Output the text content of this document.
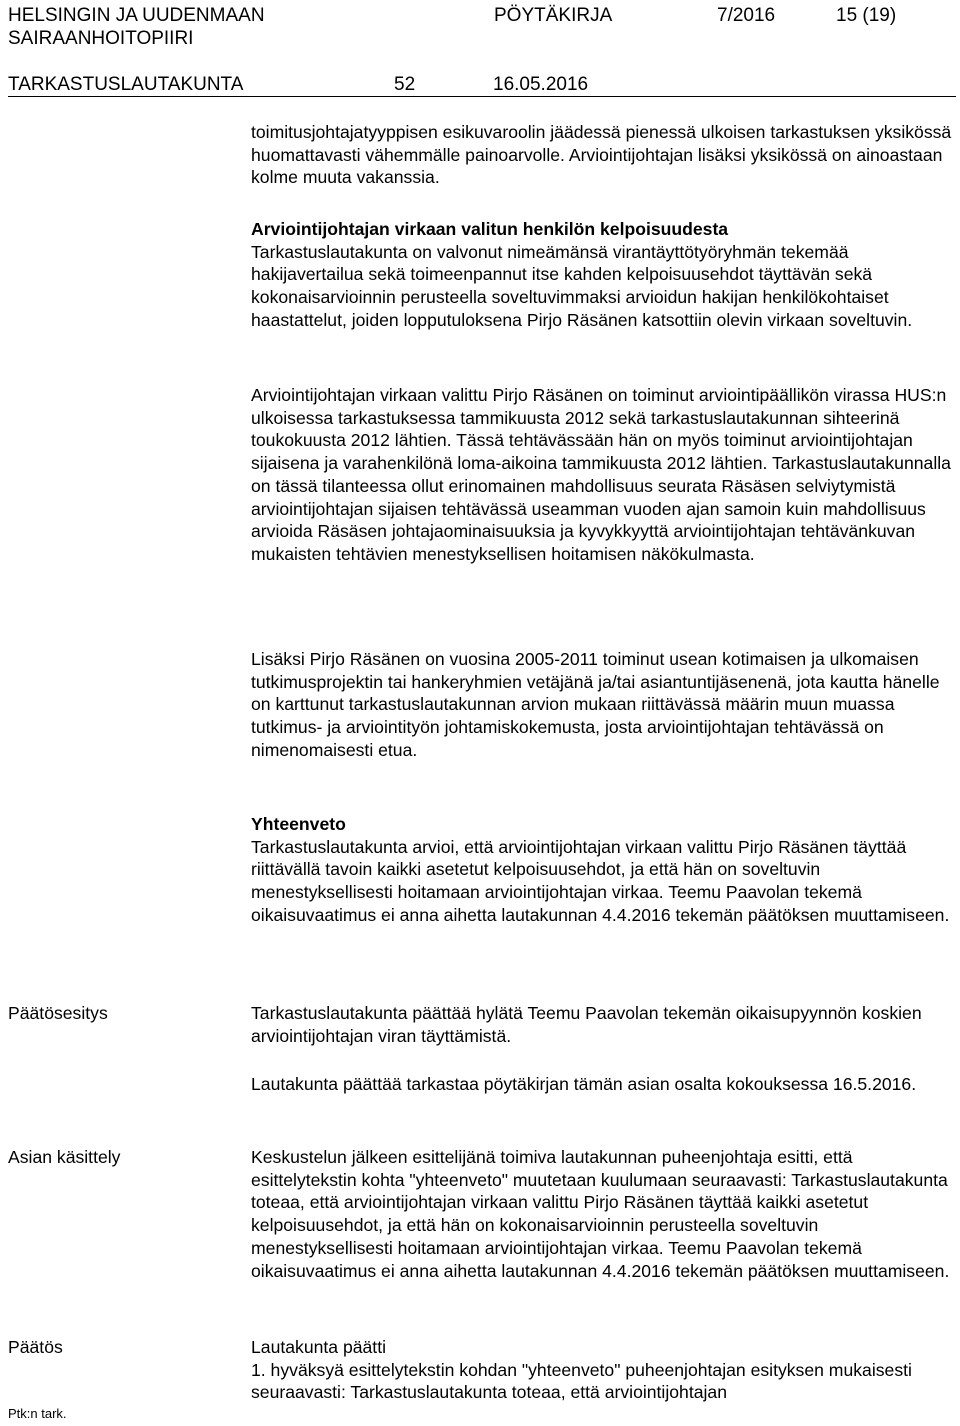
HELSINGIN JA UUDENMAAN
SAIRAANHOITOPIIRI
PÖYTÄKIRJA	7/2016	15 (19)
TARKASTUSLAUTAKUNTA	52	16.05.2016

toimitusjohtajatyyppisen esikuvaroolin jäädessä pienessä ulkoisen tarkastuksen yksikössä huomattavasti vähemmälle painoarvolle. Arviointijohtajan lisäksi yksikössä on ainoastaan kolme muuta vakanssia.

Arviointijohtajan virkaan valitun henkilön kelpoisuudesta

Tarkastuslautakunta on valvonut nimeämänsä virantäyttötyöryhmän tekemää hakijavertailua sekä toimeenpannut itse kahden kelpoisuusehdot täyttävän sekä kokonaisarvioinnin perusteella soveltuvimmaksi arvioidun hakijan henkilökohtaiset haastattelut, joiden lopputuloksena Pirjo Räsänen katsottiin olevin virkaan soveltuvin.

Arviointijohtajan virkaan valittu Pirjo Räsänen on toiminut arviointipäällikön virassa HUS:n ulkoisessa tarkastuksessa tammikuusta 2012 sekä tarkastuslautakunnan sihteerinä toukokuusta 2012 lähtien. Tässä tehtävässään hän on myös toiminut arviointijohtajan sijaisena ja varahenkilönä loma-aikoina tammikuusta 2012 lähtien. Tarkastuslautakunnalla on tässä tilanteessa ollut erinomainen mahdollisuus seurata Räsäsen selviytymistä arviointijohtajan sijaisen tehtävässä useamman vuoden ajan samoin kuin mahdollisuus arvioida Räsäsen johtajaominaisuuksia ja kyvykkyyttä arviointijohtajan tehtävänkuvan mukaisten tehtävien menestyksellisen hoitamisen näkökulmasta.

Lisäksi Pirjo Räsänen on vuosina 2005-2011 toiminut usean kotimaisen ja ulkomaisen tutkimusprojektin tai hankeryhmien vetäjänä ja/tai asiantuntijäsenenä, jota kautta hänelle on karttunut tarkastuslautakunnan arvion mukaan riittävässä määrin muun muassa tutkimus- ja arviointityön johtamiskokemusta, josta arviointijohtajan tehtävässä on nimenomaisesti etua.

Yhteenveto

Tarkastuslautakunta arvioi, että arviointijohtajan virkaan valittu Pirjo Räsänen täyttää riittävällä tavoin kaikki asetetut kelpoisuusehdot, ja että hän on soveltuvin menestyksellisesti hoitamaan arviointijohtajan virkaa. Teemu Paavolan tekemä oikaisuvaatimus ei anna aihetta lautakunnan 4.4.2016 tekemän päätöksen muuttamiseen.

Päätösesitys	Tarkastuslautakunta päättää hylätä Teemu Paavolan tekemän oikaisupyynnön koskien arviointijohtajan viran täyttämistä.

Lautakunta päättää tarkastaa pöytäkirjan tämän asian osalta kokouksessa 16.5.2016.

Asian käsittely	Keskustelun jälkeen esittelijänä toimiva lautakunnan puheenjohtaja esitti, että esittelytekstin kohta "yhteenveto" muutetaan kuulumaan seuraavasti: Tarkastuslautakunta toteaa, että arviointijohtajan virkaan valittu Pirjo Räsänen täyttää kaikki asetetut kelpoisuusehdot, ja että hän on kokonaisarvioinnin perusteella soveltuvin menestyksellisesti hoitamaan arviointijohtajan virkaa. Teemu Paavolan tekemä oikaisuvaatimus ei anna aihetta lautakunnan 4.4.2016 tekemän päätöksen muuttamiseen.

Päätös	Lautakunta päätti

1. hyväksyä esittelytekstin kohdan "yhteenveto" puheenjohtajan esityksen mukaisesti seuraavasti: Tarkastuslautakunta toteaa, että arviointijohtajan

Ptk:n tark.
